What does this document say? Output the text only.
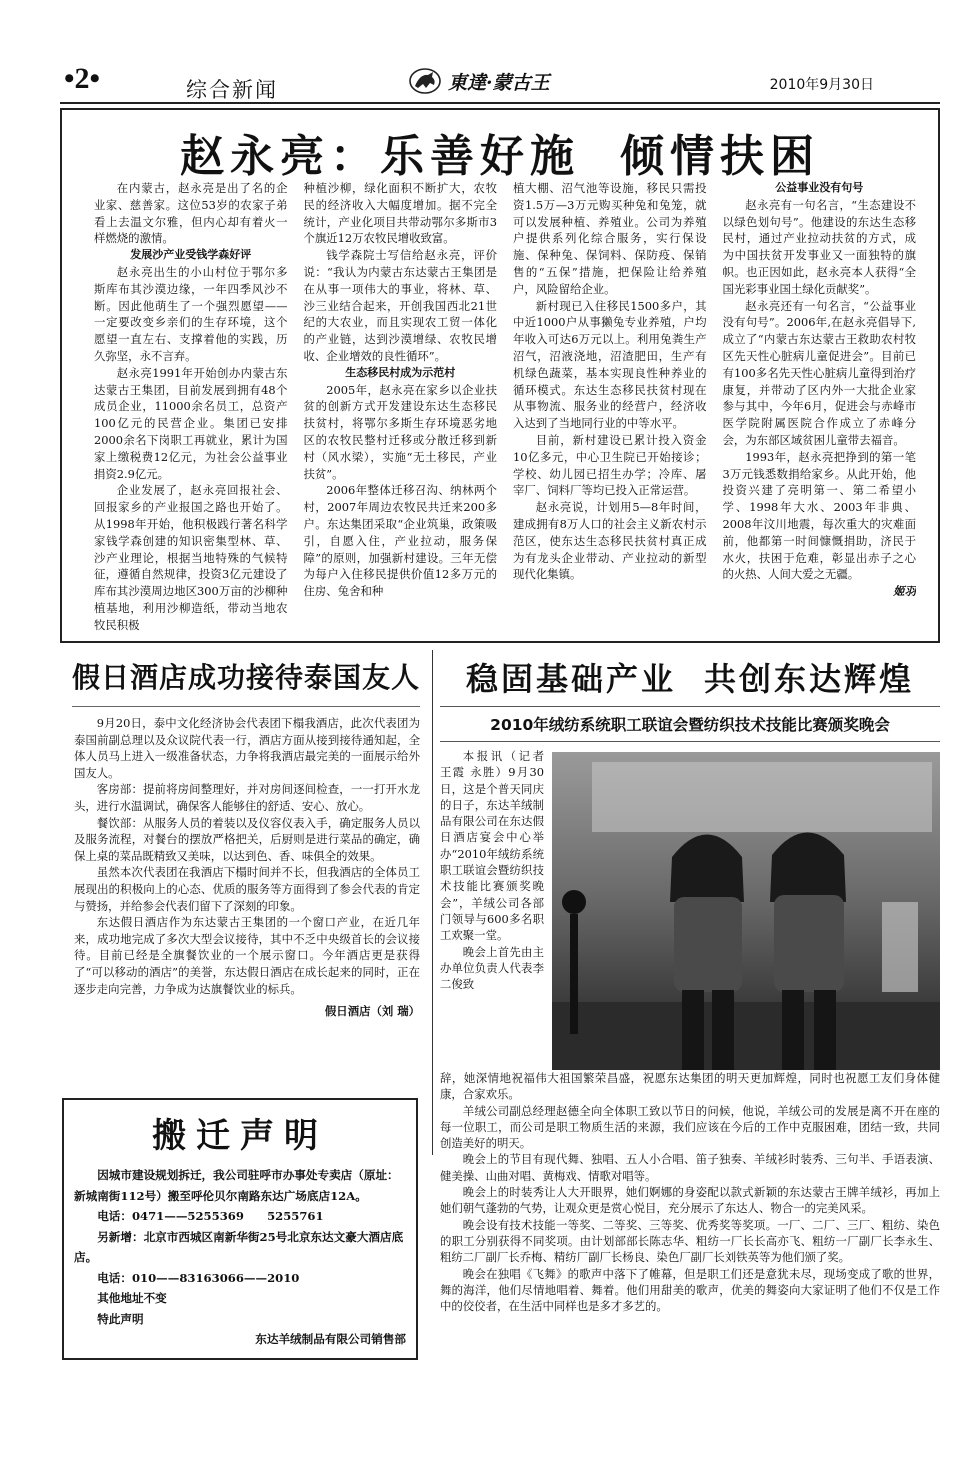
•2•	综合新闻	東達·蒙古王	2010年9月30日
赵永亮：乐善好施 倾情扶困

在内蒙古，赵永亮是出了名的企业家、慈善家。这位53岁的农家子弟看上去温文尔雅，但内心却有着火一样燃烧的激情。

发展沙产业受钱学森好评

赵永亮出生的小山村位于鄂尔多斯库布其沙漠边缘，一年四季风沙不断。因此他萌生了一个强烈愿望——一定要改变乡亲们的生存环境，这个愿望一直左右、支撑着他的实践，历久弥坚，永不言弃。

赵永亮1991年开始创办内蒙古东达蒙古王集团，目前发展到拥有48个成员企业，11000余名员工，总资产100亿元的民营企业。集团已安排2000余名下岗职工再就业，累计为国家上缴税费12亿元，为社会公益事业捐资2.9亿元。

企业发展了，赵永亮回报社会、回报家乡的产业报国之路也开始了。从1998年开始，他积极践行著名科学家钱学森创建的知识密集型林、草、沙产业理论，根据当地特殊的气候特征，遵循自然规律，投资3亿元建设了库布其沙漠周边地区300万亩的沙柳种植基地，利用沙柳造纸，带动当地农牧民积极

种植沙柳，绿化面积不断扩大，农牧民的经济收入大幅度增加。据不完全统计，产业化项目共带动鄂尔多斯市3个旗近12万农牧民增收致富。

钱学森院士写信给赵永亮，评价说：“我认为内蒙古东达蒙古王集团是在从事一项伟大的事业，将林、草、沙三业结合起来，开创我国西北21世纪的大农业，而且实现农工贸一体化的产业链，达到沙漠增绿、农牧民增收、企业增效的良性循环”。

生态移民村成为示范村

2005年，赵永亮在家乡以企业扶贫的创新方式开发建设东达生态移民扶贫村，将鄂尔多斯生存环境恶劣地区的农牧民整村迁移或分散迁移到新村（风水梁），实施“无土移民，产业扶贫”。

2006年整体迁移召沟、纳林两个村，2007年周边农牧民共迁来200多户。东达集团采取“企业筑巢，政策吸引，自愿入住，产业拉动，服务保障”的原则，加强新村建设。三年无偿为每户入住移民提供价值12多万元的住房、兔舍和种

植大棚、沼气池等设施，移民只需投资1.5万—3万元购买种兔和兔笼，就可以发展种植、养殖业。公司为养殖户提供系列化综合服务，实行保设施、保种兔、保饲料、保防疫、保销售的“五保”措施，把保险让给养殖户，风险留给企业。

新村现已入住移民1500多户，其中近1000户从事獭兔专业养殖，户均年收入可达6万元以上。利用兔粪生产沼气，沼液浇地，沼渣肥田，生产有机绿色蔬菜，基本实现良性种养业的循环模式。东达生态移民扶贫村现在从事物流、服务业的经营户，经济收入达到了当地同行业的中等水平。

目前，新村建设已累计投入资金10亿多元，中心卫生院已开始接诊；学校、幼儿园已招生办学；冷库、屠宰厂、饲料厂等均已投入正常运营。

赵永亮说，计划用5—8年时间，建成拥有8万人口的社会主义新农村示范区，使东达生态移民扶贫村真正成为有龙头企业带动、产业拉动的新型现代化集镇。

公益事业没有句号

赵永亮有一句名言，“生态建设不以绿色划句号”。他建设的东达生态移民村，通过产业拉动扶贫的方式，成为中国扶贫开发事业又一面独特的旗帜。也正因如此，赵永亮本人获得“全国光彩事业国土绿化贡献奖”。

赵永亮还有一句名言，“公益事业没有句号”。2006年,在赵永亮倡导下,成立了“内蒙古东达蒙古王救助农村牧区先天性心脏病儿童促进会”。目前已有100多名先天性心脏病儿童得到治疗康复，并带动了区内外一大批企业家参与其中，今年6月，促进会与赤峰市医学院附属医院合作成立了赤峰分会，为东部区域贫困儿童带去福音。

1993年，赵永亮把挣到的第一笔3万元钱悉数捐给家乡。从此开始，他投资兴建了亮明第一、第二希望小学、1998年大水、2003年非典、2008年汶川地震，每次重大的灾难面前，他都第一时间慷慨捐助，济民于水火，扶困于危难，彰显出赤子之心的火热、人间大爱之无疆。

姬羽

假日酒店成功接待泰国友人

9月20日，泰中文化经济协会代表团下榻我酒店，此次代表团为泰国前副总理以及众议院代表一行，酒店方面从接到接待通知起，全体人员马上进入一级准备状态，力争将我酒店最完美的一面展示给外国友人。

客房部：提前将房间整理好，并对房间逐间检查，一一打开水龙头，进行水温调试，确保客人能够住的舒适、安心、放心。

餐饮部：从服务人员的着装以及仪容仪表入手，确定服务人员以及服务流程，对餐台的摆放严格把关，后厨则是进行菜品的确定，确保上桌的菜品既精致又美味，以达到色、香、味俱全的效果。

虽然本次代表团在我酒店下榻时间并不长，但我酒店的全体员工展现出的积极向上的心态、优质的服务等方面得到了参会代表的肯定与赞扬，并给参会代表们留下了深刻的印象。

东达假日酒店作为东达蒙古王集团的一个窗口产业，在近几年来，成功地完成了多次大型会议接待，其中不乏中央级首长的会议接待。目前已经是全旗餐饮业的一个展示窗口。今年酒店更是获得了“可以移动的酒店”的美誉，东达假日酒店在成长起来的同时，正在逐步走向完善，力争成为达旗餐饮业的标兵。

假日酒店（刘 瑞）
搬迁声明

因城市建设规划拆迁，我公司驻呼市办事处专卖店（原址：新城南街112号）搬至呼伦贝尔南路东达广场底店12A。

电话：0471——5255369　　5255761

另新增：北京市西城区南新华街25号北京东达文豪大酒店底店。

电话：010——83163066——2010

其他地址不变

特此声明

东达羊绒制品有限公司销售部
稳固基础产业 共创东达辉煌
2010年绒纺系统职工联谊会暨纺织技术技能比赛颁奖晚会

本报讯（记者 王霞 永胜）9月30日，这是个普天同庆的日子，东达羊绒制品有限公司在东达假日酒店宴会中心举办“2010年绒纺系统职工联谊会暨纺织技术技能比赛颁奖晚会”，羊绒公司各部门领导与600多名职工欢聚一堂。

晚会上首先由主办单位负责人代表李二俊致

辞，她深情地祝福伟大祖国繁荣昌盛，祝愿东达集团的明天更加辉煌，同时也祝愿工友们身体健康，合家欢乐。

羊绒公司副总经理赵德全向全体职工致以节日的问候，他说，羊绒公司的发展是离不开在座的每一位职工，而公司是职工物质生活的来源，我们应该在今后的工作中克服困难，团结一致，共同创造美好的明天。

晚会上的节目有现代舞、独唱、五人小合唱、笛子独奏、羊绒衫时装秀、三句半、手语表演、健美操、山曲对唱、黄梅戏、情歌对唱等。

晚会上的时装秀让人大开眼界，她们婀娜的身姿配以款式新颖的东达蒙古王牌羊绒衫，再加上她们朝气蓬勃的气势，让观众更是赏心悦目，充分展示了东达人、物合一的完美风采。

晚会设有技术技能一等奖、二等奖、三等奖、优秀奖等奖项。一厂、二厂、三厂、粗纺、染色的职工分别获得不同奖项。由计划部部长陈志华、粗纺一厂长长高亦飞、粗纺一厂副厂长李永生、粗纺二厂副厂长乔梅、精纺厂副厂长杨良、染色厂副厂长刘铁英等为他们颁了奖。

晚会在独唱《飞舞》的歌声中落下了帷幕，但是职工们还是意犹未尽，现场变成了歌的世界，舞的海洋，他们尽情地唱着、舞着。他们用甜美的歌声，优美的舞姿向大家证明了他们不仅是工作中的佼佼者，在生活中同样也是多才多艺的。
